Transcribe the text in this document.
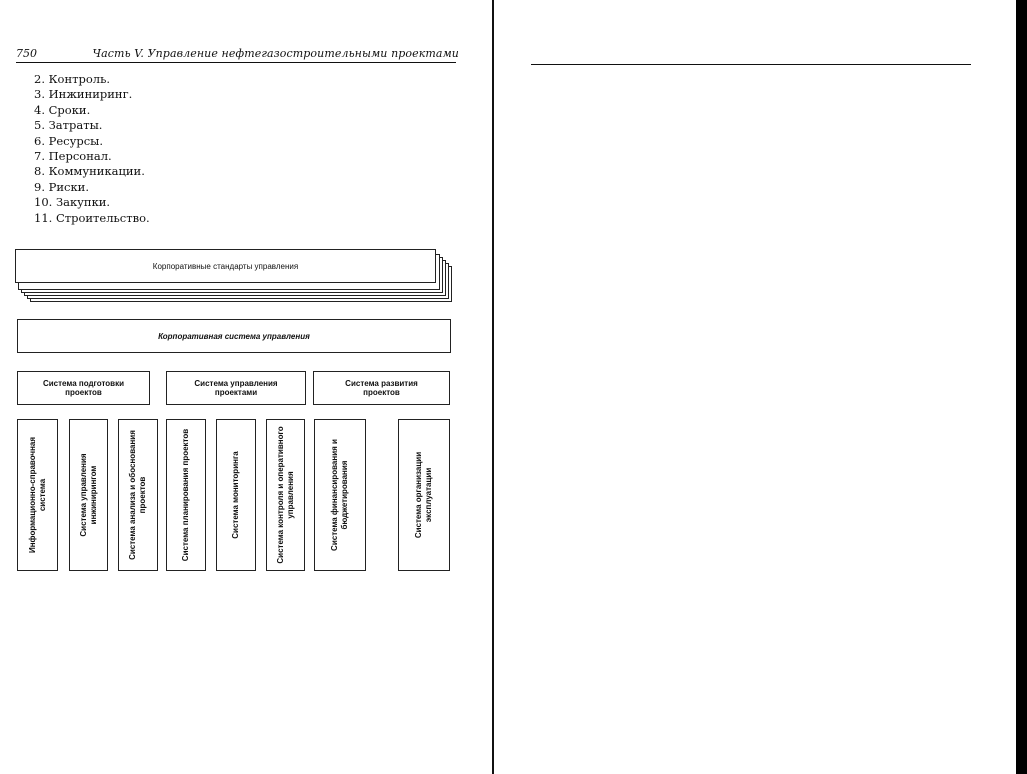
750	Часть V. Управление нефтегазостроительными проектами
2. Контроль.
3. Инжиниринг.
4. Сроки.
5. Затраты.
6. Ресурсы.
7. Персонал.
8. Коммуникации.
9. Риски.
10. Закупки.
11. Строительство.
Корпоративные стандарты управления
Корпоративная система управления
Система подготовки проектов
Система управления проектами
Система развития проектов
Информационно-справочная система	Система управления инжинирингом	Система анализа и обоснования проектов	Система планирования проектов	Система мониторинга	Система контроля и оперативного управления	Система финансирования и бюджетирования	Система организации эксплуатации
